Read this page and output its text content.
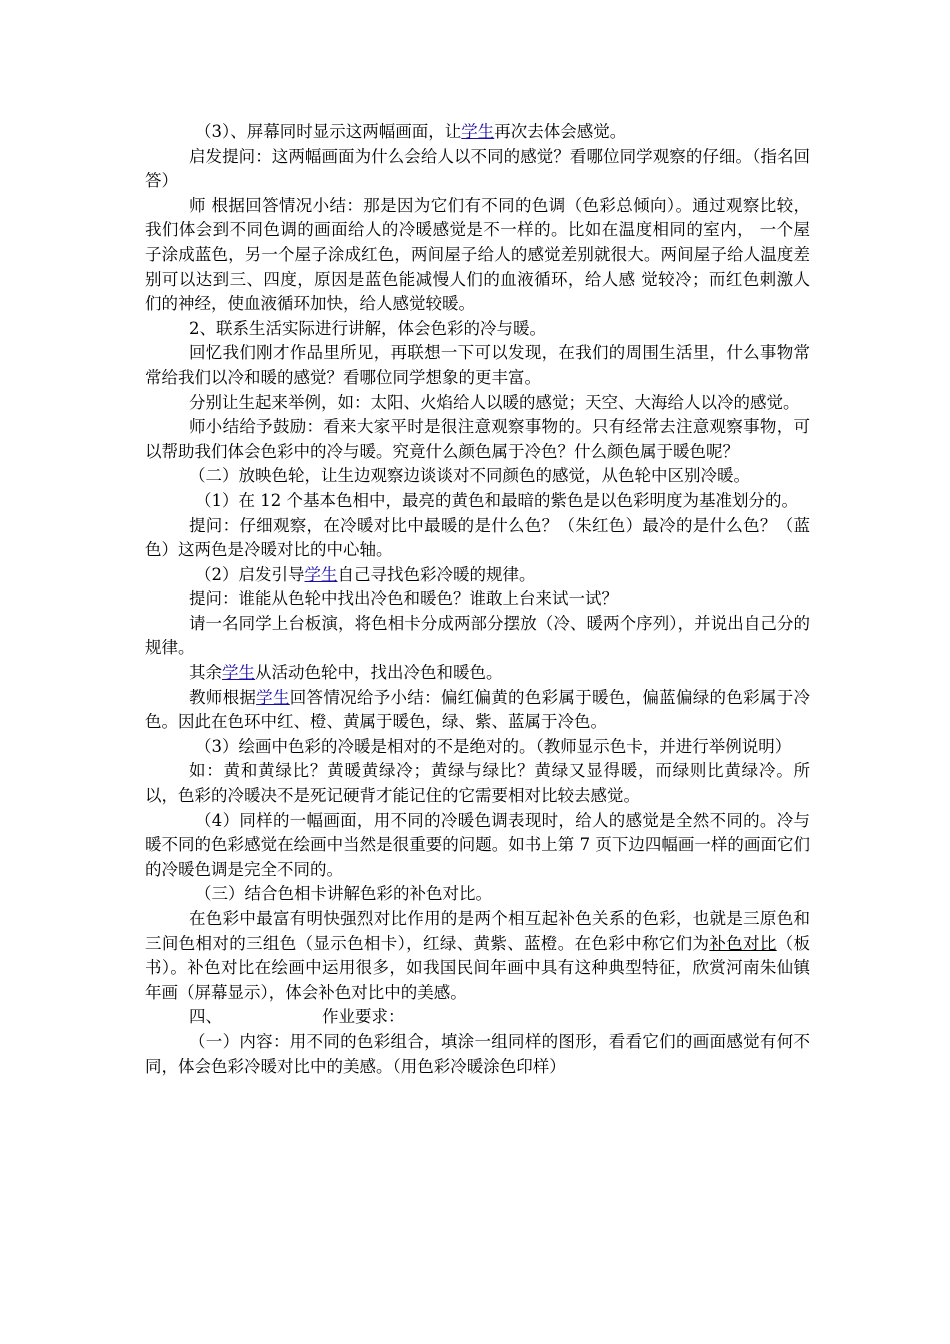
（3）、屏幕同时显示这两幅画面，让学生再次去体会感觉。

启发提问：这两幅画面为什么会给人以不同的感觉？看哪位同学观察的仔细。（指名回答）

师 根据回答情况小结：那是因为它们有不同的色调（色彩总倾向）。通过观察比较，我们体会到不同色调的画面给人的冷暖感觉是不一样的。比如在温度相同的室内， 一个屋子涂成蓝色，另一个屋子涂成红色，两间屋子给人的感觉差别就很大。两间屋子给人温度差别可以达到三、四度，原因是蓝色能减慢人们的血液循环，给人感 觉较冷；而红色刺激人们的神经，使血液循环加快，给人感觉较暖。

2、联系生活实际进行讲解，体会色彩的冷与暖。

回忆我们刚才作品里所见，再联想一下可以发现，在我们的周围生活里，什么事物常常给我们以冷和暖的感觉？看哪位同学想象的更丰富。

分别让生起来举例，如：太阳、火焰给人以暖的感觉；天空、大海给人以冷的感觉。

师小结给予鼓励：看来大家平时是很注意观察事物的。只有经常去注意观察事物，可以帮助我们体会色彩中的冷与暖。究竟什么颜色属于冷色？什么颜色属于暖色呢？

（二）放映色轮，让生边观察边谈谈对不同颜色的感觉，从色轮中区别冷暖。

（1）在 12 个基本色相中，最亮的黄色和最暗的紫色是以色彩明度为基准划分的。

提问：仔细观察，在冷暖对比中最暖的是什么色？（朱红色）最冷的是什么色？（蓝色）这两色是冷暖对比的中心轴。

（2）启发引导学生自己寻找色彩冷暖的规律。

提问：谁能从色轮中找出冷色和暖色？谁敢上台来试一试？

请一名同学上台板演，将色相卡分成两部分摆放（冷、暖两个序列），并说出自己分的规律。

其余学生从活动色轮中，找出冷色和暖色。

教师根据学生回答情况给予小结：偏红偏黄的色彩属于暖色，偏蓝偏绿的色彩属于冷色。因此在色环中红、橙、黄属于暖色，绿、紫、蓝属于冷色。

（3）绘画中色彩的冷暖是相对的不是绝对的。（教师显示色卡，并进行举例说明）

如：黄和黄绿比？黄暖黄绿冷；黄绿与绿比？黄绿又显得暖，而绿则比黄绿冷。所以，色彩的冷暖决不是死记硬背才能记住的它需要相对比较去感觉。

（4）同样的一幅画面，用不同的冷暖色调表现时，给人的感觉是全然不同的。冷与暖不同的色彩感觉在绘画中当然是很重要的问题。如书上第 7 页下边四幅画一样的画面它们的冷暖色调是完全不同的。

（三）结合色相卡讲解色彩的补色对比。

在色彩中最富有明快强烈对比作用的是两个相互起补色关系的色彩，也就是三原色和三间色相对的三组色（显示色相卡），红绿、黄紫、蓝橙。在色彩中称它们为补色对比（板书）。补色对比在绘画中运用很多，如我国民间年画中具有这种典型特征，欣赏河南朱仙镇年画（屏幕显示），体会补色对比中的美感。

四、	作业要求：

（一）内容：用不同的色彩组合，填涂一组同样的图形，看看它们的画面感觉有何不同，体会色彩冷暖对比中的美感。（用色彩冷暖涂色印样）
